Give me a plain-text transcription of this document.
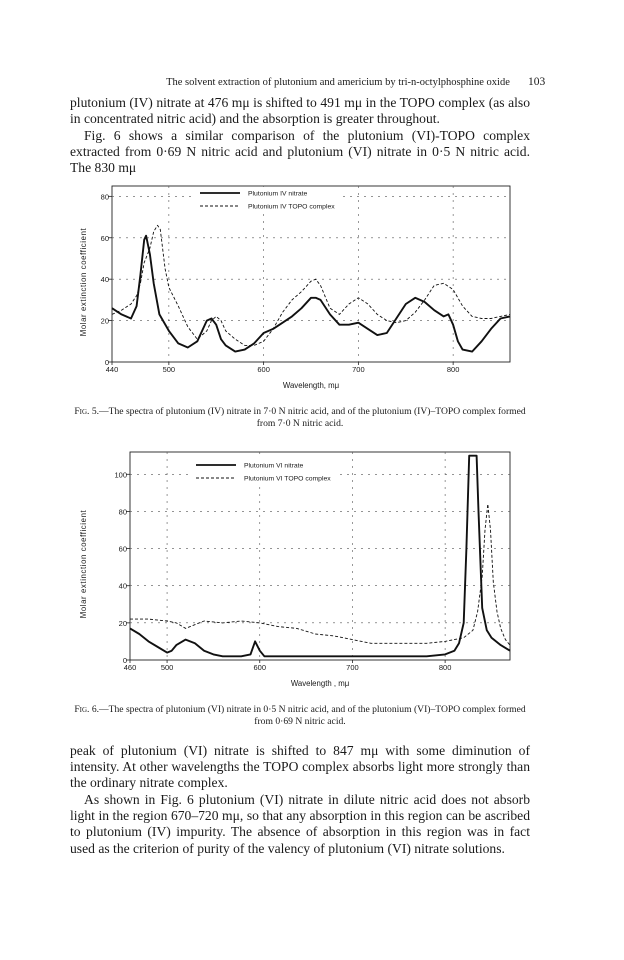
The solvent extraction of plutonium and americium by tri-n-octylphosphine oxide	103

plutonium (IV) nitrate at 476 mμ is shifted to 491 mμ in the TOPO complex (as also in concentrated nitric acid) and the absorption is greater throughout.

Fig. 6 shows a similar comparison of the plutonium (VI)-TOPO complex extracted from 0·69 N nitric acid and plutonium (VI) nitrate in 0·5 N nitric acid. The 830 mμ

0
20
40
60
80
440	500	600	700	800
Wavelength, mμ
Molar extinction coefficient
Plutonium IV nitrate
Plutonium IV TOPO complex
Fig. 5.—The spectra of plutonium (IV) nitrate in 7·0 N nitric acid, and of the plutonium (IV)–TOPO complex formed from 7·0 N nitric acid.
0
20
40
60
80
100
460	500	600	700	800
Wavelength , mμ
Molar extinction coefficient
Plutonium VI nitrate
Plutonium VI TOPO complex
Fig. 6.—The spectra of plutonium (VI) nitrate in 0·5 N nitric acid, and of the plutonium (VI)–TOPO complex formed from 0·69 N nitric acid.

peak of plutonium (VI) nitrate is shifted to 847 mμ with some diminution of intensity. At other wavelengths the TOPO complex absorbs light more strongly than the ordinary nitrate complex.

As shown in Fig. 6 plutonium (VI) nitrate in dilute nitric acid does not absorb light in the region 670–720 mμ, so that any absorption in this region can be ascribed to plutonium (IV) impurity. The absence of absorption in this region was in fact used as the criterion of purity of the valency of plutonium (VI) nitrate solutions.
